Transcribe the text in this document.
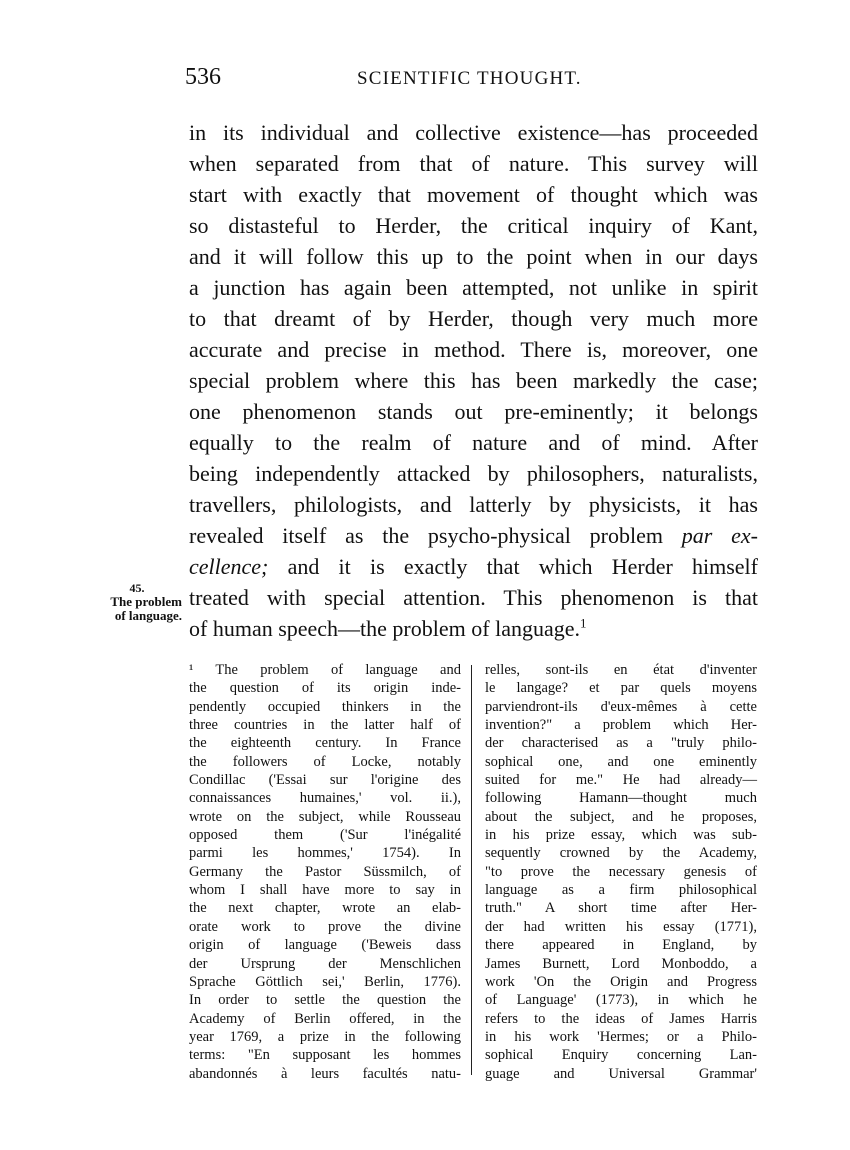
536	SCIENTIFIC THOUGHT.
in its individual and collective existence—has proceeded
when separated from that of nature. This survey will
start with exactly that movement of thought which was
so distasteful to Herder, the critical inquiry of Kant,
and it will follow this up to the point when in our days
a junction has again been attempted, not unlike in spirit
to that dreamt of by Herder, though very much more
accurate and precise in method. There is, moreover, one
special problem where this has been markedly the case;
one phenomenon stands out pre-eminently; it belongs
equally to the realm of nature and of mind. After
being independently attacked by philosophers, naturalists,
travellers, philologists, and latterly by physicists, it has
revealed itself as the psycho-physical problem par ex-
cellence; and it is exactly that which Herder himself
treated with special attention. This phenomenon is that
of human speech—the problem of language.$^1$
45.
The problem
of language.
¹ The problem of language and
the question of its origin inde-
pendently occupied thinkers in the
three countries in the latter half of
the eighteenth century. In France
the followers of Locke, notably
Condillac ('Essai sur l'origine des
connaissances humaines,' vol. ii.),
wrote on the subject, while Rousseau
opposed them ('Sur l'inégalité
parmi les hommes,' 1754). In
Germany the Pastor Süssmilch, of
whom I shall have more to say in
the next chapter, wrote an elab-
orate work to prove the divine
origin of language ('Beweis dass
der Ursprung der Menschlichen
Sprache Göttlich sei,' Berlin, 1776).
In order to settle the question the
Academy of Berlin offered, in the
year 1769, a prize in the following
terms: "En supposant les hommes
abandonnés à leurs facultés natu-
relles, sont-ils en état d'inventer
le langage? et par quels moyens
parviendront-ils d'eux-mêmes à cette
invention?" a problem which Her-
der characterised as a "truly philo-
sophical one, and one eminently
suited for me." He had already—
following Hamann—thought much
about the subject, and he proposes,
in his prize essay, which was sub-
sequently crowned by the Academy,
"to prove the necessary genesis of
language as a firm philosophical
truth." A short time after Her-
der had written his essay (1771),
there appeared in England, by
James Burnett, Lord Monboddo, a
work 'On the Origin and Progress
of Language' (1773), in which he
refers to the ideas of James Harris
in his work 'Hermes; or a Philo-
sophical Enquiry concerning Lan-
guage and Universal Grammar'
